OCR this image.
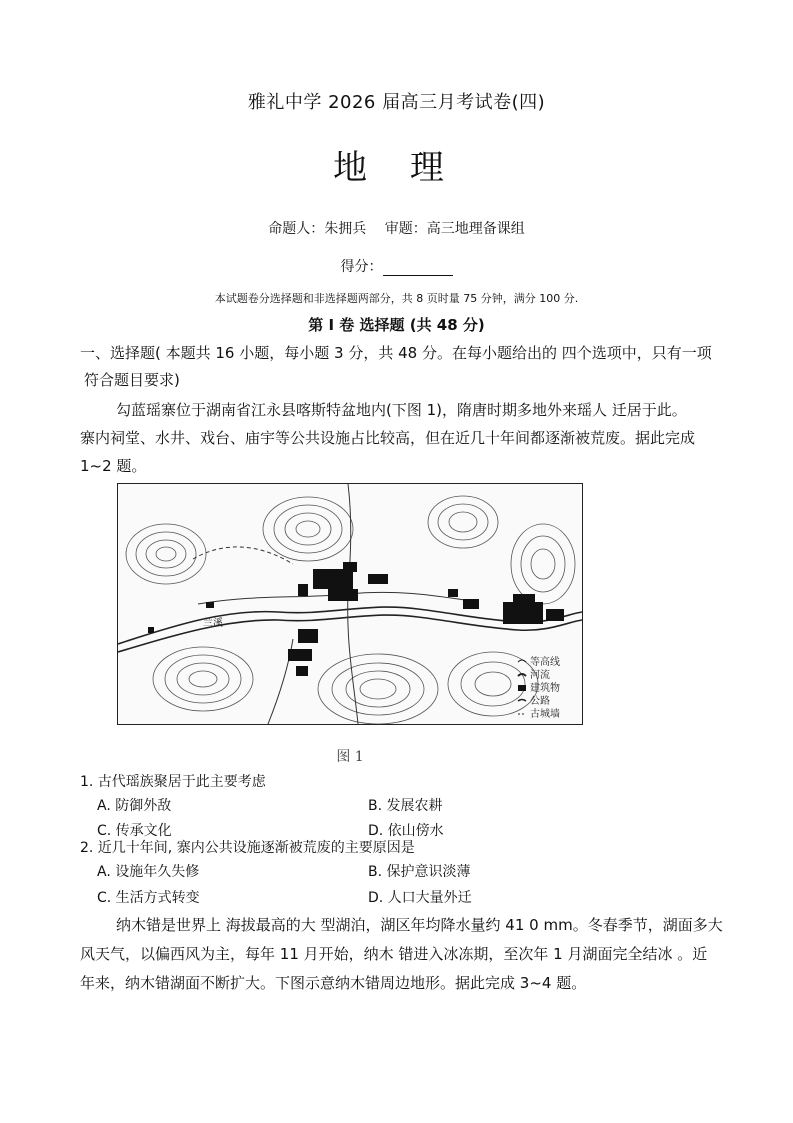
雅礼中学 2026 届高三月考试卷(四)
地 理
命题人：朱拥兵　 审题：高三地理备课组
得分：
本试题卷分选择题和非选择题两部分，共 8 页时量 75 分钟，满分 100 分.
第 Ⅰ 卷 选择题 (共 48 分)
一、选择题( 本题共 16 小题，每小题 3 分，共 48 分。在每小题给出的 四个选项中，只有一项
符合题目要求)
勾蓝瑶寨位于湖南省江永县喀斯特盆地内(下图 1)，隋唐时期多地外来瑶人 迁居于此。
寨内祠堂、水井、戏台、庙宇等公共设施占比较高，但在近几十年间都逐渐被荒废。据此完成
1~2 题。
兰溪
等高线
河流
建筑物
公路
古城墙
图 1
1. 古代瑶族聚居于此主要考虑
A. 防御外敌	B. 发展农耕
C. 传承文化	D. 依山傍水
2. 近几十年间, 寨内公共设施逐渐被荒废的主要原因是
A. 设施年久失修	B. 保护意识淡薄
C. 生活方式转变	D. 人口大量外迁
纳木错是世界上 海拔最高的大 型湖泊，湖区年均降水量约 41 0 mm。冬春季节，湖面多大
风天气，以偏西风为主，每年 11 月开始，纳木 错进入冰冻期，至次年 1 月湖面完全结冰 。近
年来，纳木错湖面不断扩大。下图示意纳木错周边地形。据此完成 3~4 题。
